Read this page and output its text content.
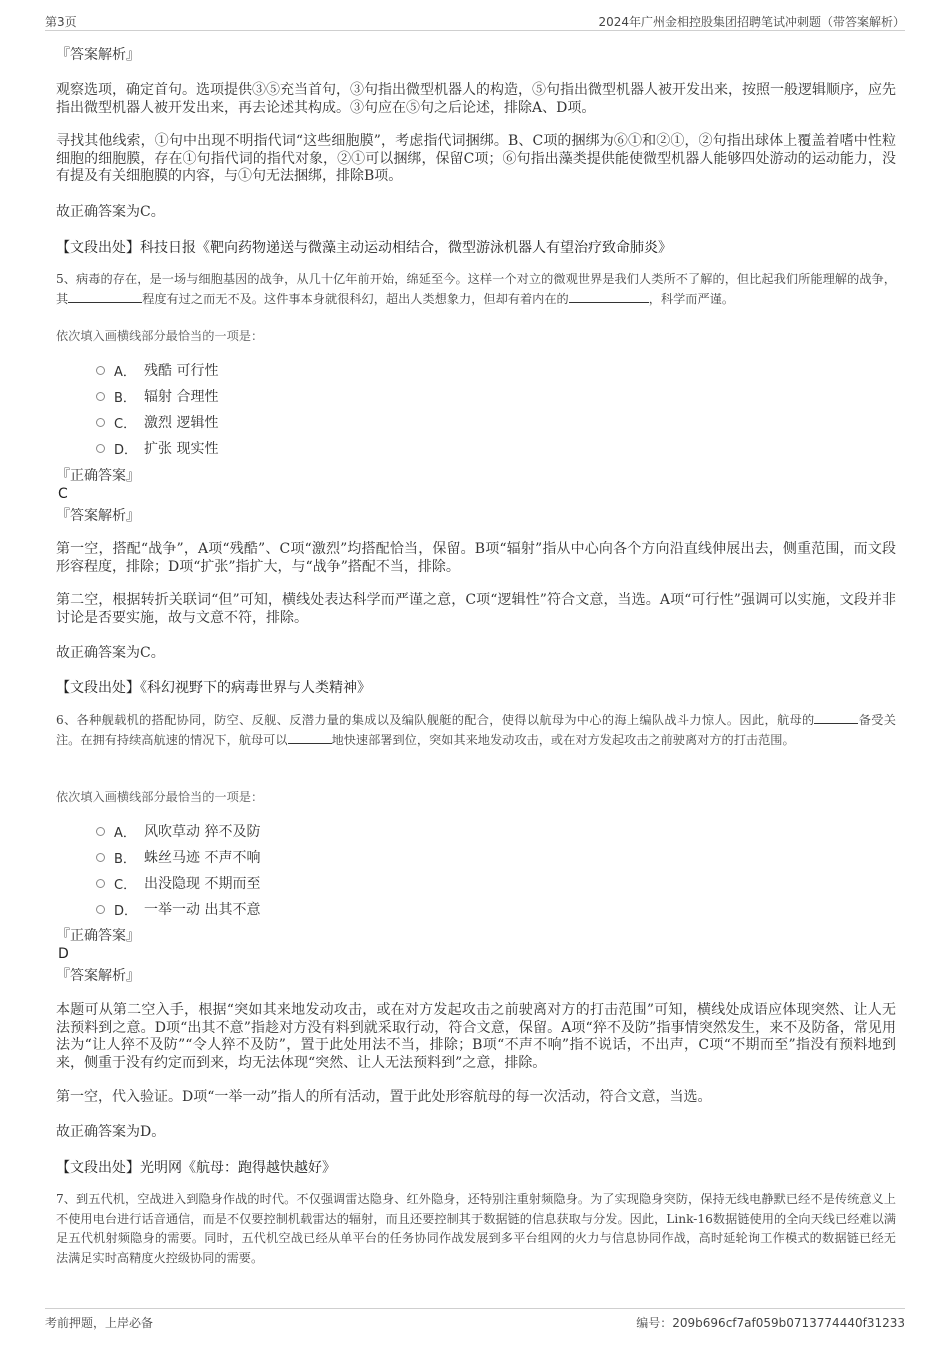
第3页	2024年广州金相控股集团招聘笔试冲刺题（带答案解析）
『答案解析』

观察选项，确定首句。选项提供③⑤充当首句，③句指出微型机器人的构造，⑤句指出微型机器人被开发出来，按照一般逻辑顺序，应先指出微型机器人被开发出来，再去论述其构成。③句应在⑤句之后论述，排除A、D项。

寻找其他线索，①句中出现不明指代词“这些细胞膜”，考虑指代词捆绑。B、C项的捆绑为⑥①和②①，②句指出球体上覆盖着嗜中性粒细胞的细胞膜，存在①句指代词的指代对象，②①可以捆绑，保留C项；⑥句指出藻类提供能使微型机器人能够四处游动的运动能力，没有提及有关细胞膜的内容，与①句无法捆绑，排除B项。

故正确答案为C。

【文段出处】科技日报《靶向药物递送与微藻主动运动相结合，微型游泳机器人有望治疗致命肺炎》

5、病毒的存在，是一场与细胞基因的战争，从几十亿年前开始，绵延至今。这样一个对立的微观世界是我们人类所不了解的，但比起我们所能理解的战争，其	程度有过之而无不及。这件事本身就很科幻，超出人类想象力，但却有着内在的	，科学而严谨。

依次填入画横线部分最恰当的一项是：
A． 残酷 可行性
B． 辐射 合理性
C． 激烈 逻辑性
D． 扩张 现实性
『正确答案』
C
『答案解析』

第一空，搭配“战争”，A项“残酷”、C项“激烈”均搭配恰当，保留。B项“辐射”指从中心向各个方向沿直线伸展出去，侧重范围，而文段形容程度，排除；D项“扩张”指扩大，与“战争”搭配不当，排除。

第二空，根据转折关联词“但”可知，横线处表达科学而严谨之意，C项“逻辑性”符合文意，当选。A项“可行性”强调可以实施，文段并非讨论是否要实施，故与文意不符，排除。

故正确答案为C。

【文段出处】《科幻视野下的病毒世界与人类精神》

6、各种舰载机的搭配协同，防空、反舰、反潜力量的集成以及编队舰艇的配合，使得以航母为中心的海上编队战斗力惊人。因此，航母的	备受关注。在拥有持续高航速的情况下，航母可以	地快速部署到位，突如其来地发动攻击，或在对方发起攻击之前驶离对方的打击范围。

依次填入画横线部分最恰当的一项是：
A． 风吹草动 猝不及防
B． 蛛丝马迹 不声不响
C． 出没隐现 不期而至
D． 一举一动 出其不意
『正确答案』
D
『答案解析』

本题可从第二空入手，根据“突如其来地发动攻击，或在对方发起攻击之前驶离对方的打击范围”可知，横线处成语应体现突然、让人无法预料到之意。D项“出其不意”指趁对方没有料到就采取行动，符合文意，保留。A项“猝不及防”指事情突然发生，来不及防备，常见用法为“让人猝不及防”“令人猝不及防”，置于此处用法不当，排除；B项“不声不响”指不说话，不出声，C项“不期而至”指没有预料地到来，侧重于没有约定而到来，均无法体现“突然、让人无法预料到”之意，排除。

第一空，代入验证。D项“一举一动”指人的所有活动，置于此处形容航母的每一次活动，符合文意，当选。

故正确答案为D。

【文段出处】光明网《航母：跑得越快越好》

7、到五代机，空战进入到隐身作战的时代。不仅强调雷达隐身、红外隐身，还特别注重射频隐身。为了实现隐身突防，保持无线电静默已经不是传统意义上不使用电台进行话音通信，而是不仅要控制机载雷达的辐射，而且还要控制其于数据链的信息获取与分发。因此，Link-16数据链使用的全向天线已经难以满足五代机射频隐身的需要。同时，五代机空战已经从单平台的任务协同作战发展到多平台组网的火力与信息协同作战，高时延轮询工作模式的数据链已经无法满足实时高精度火控级协同的需要。

考前押题，上岸必备	编号：209b696cf7af059b0713774440f31233
